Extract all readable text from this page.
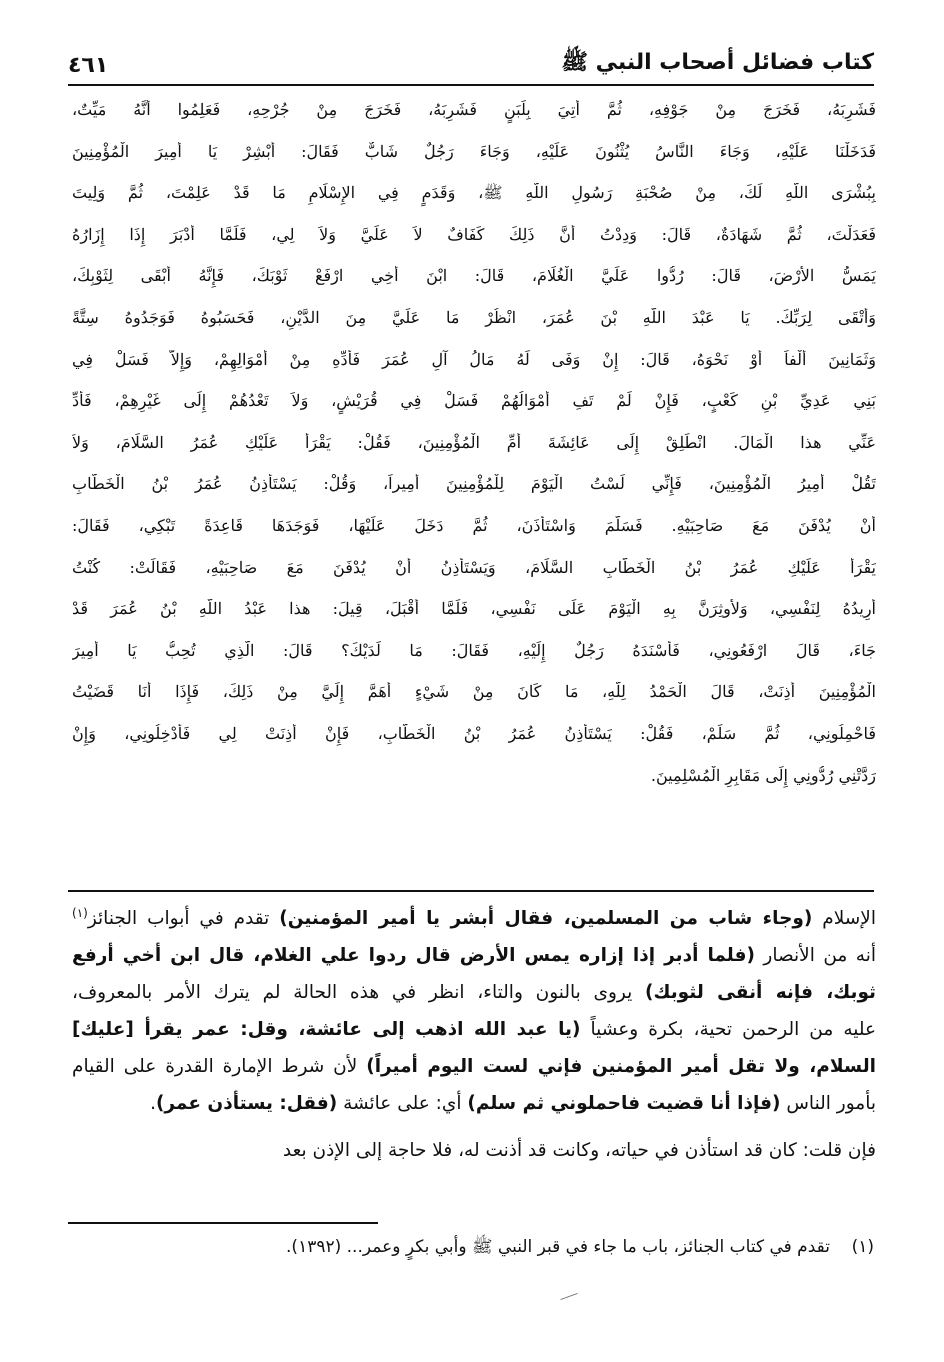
كتاب فضائل أصحاب النبي ﷺ
٤٦١
فَشَرِبَهُ، فَخَرَجَ مِنْ جَوْفِهِ، ثُمَّ أُتِيَ بِلَبَنٍ فَشَرِبَهُ، فَخَرَجَ مِنْ جُرْحِهِ، فَعَلِمُوا أَنَّهُ مَيِّتٌ،
فَدَخَلْنَا عَلَيْهِ، وَجَاءَ النَّاسُ يُثْنُونَ عَلَيْهِ، وَجَاءَ رَجُلٌ شَابٌّ فَقَالَ: أَبْشِرْ يَا أَمِيرَ الْمُؤْمِنِينَ
بِبُشْرَى اللَّهِ لَكَ، مِنْ صُحْبَةِ رَسُولِ اللَّهِ ﷺ، وَقَدَمٍ فِي الإِسْلَامِ مَا قَدْ عَلِمْتَ، ثُمَّ وَلِيتَ
فَعَدَلْتَ، ثُمَّ شَهَادَةٌ، قَالَ: وَدِدْتُ أَنَّ ذَلِكَ كَفَافٌ لاَ عَلَيَّ وَلاَ لِي، فَلَمَّا أَدْبَرَ إِذَا إِزَارُهُ
يَمَسُّ الأَرْضَ، قَالَ: رُدُّوا عَلَيَّ الْغُلَامَ، قَالَ: ابْنَ أَخِي ارْفَعْ ثَوْبَكَ، فَإِنَّهُ أَبْقَى لِثَوْبِكَ،
وَأَتْقَى لِرَبِّكَ. يَا عَبْدَ اللَّهِ بْنَ عُمَرَ، انْظُرْ مَا عَلَيَّ مِنَ الدَّيْنِ، فَحَسَبُوهُ فَوَجَدُوهُ سِتَّةً
وَثَمَانِينَ أَلْفاً أَوْ نَحْوَهُ، قَالَ: إِنْ وَفَى لَهُ مَالُ آلِ عُمَرَ فَأَدِّهِ مِنْ أَمْوَالِهِمْ، وَإِلاَّ فَسَلْ فِي
بَنِي عَدِيِّ بْنِ كَعْبٍ، فَإِنْ لَمْ تَفِ أَمْوَالُهُمْ فَسَلْ فِي قُرَيْشٍ، وَلاَ تَعْدُهُمْ إِلَى غَيْرِهِمْ، فَأَدِّ
عَنِّي هذا الْمَالَ. انْطَلِقْ إِلَى عَائِشَةَ أُمِّ الْمُؤْمِنِينَ، فَقُلْ: يَقْرَأُ عَلَيْكِ عُمَرُ السَّلَامَ، وَلاَ
تَقُلْ أَمِيرُ الْمُؤْمِنِينَ، فَإِنِّي لَسْتُ الْيَوْمَ لِلْمُؤْمِنِينَ أَمِيراً، وَقُلْ: يَسْتَأْذِنُ عُمَرُ بْنُ الْخَطَّابِ
أَنْ يُدْفَنَ مَعَ صَاحِبَيْهِ. فَسَلَّمَ وَاسْتَأْذَنَ، ثُمَّ دَخَلَ عَلَيْهَا، فَوَجَدَهَا قَاعِدَةً تَبْكِي، فَقَالَ:
يَقْرَأُ عَلَيْكِ عُمَرُ بْنُ الْخَطَّابِ السَّلَامَ، وَيَسْتَأْذِنُ أَنْ يُدْفَنَ مَعَ صَاحِبَيْهِ، فَقَالَتْ: كُنْتُ
أُرِيدُهُ لِنَفْسِي، وَلأُوثِرَنَّ بِهِ الْيَوْمَ عَلَى نَفْسِي، فَلَمَّا أَقْبَلَ، قِيلَ: هذا عَبْدُ اللَّهِ بْنُ عُمَرَ قَدْ
جَاءَ، قَالَ ارْفَعُونِي، فَأَسْنَدَهُ رَجُلٌ إِلَيْهِ، فَقَالَ: مَا لَدَيْكَ؟ قَالَ: الَّذِي تُحِبُّ يَا أَمِيرَ
الْمُؤْمِنِينَ أَذِنَتْ، قَالَ الْحَمْدُ لِلَّهِ، مَا كَانَ مِنْ شَيْءٍ أَهَمَّ إِلَيَّ مِنْ ذَلِكَ، فَإِذَا أَنَا قَضَيْتُ
فَاحْمِلُونِي، ثُمَّ سَلِّمْ، فَقُلْ: يَسْتَأْذِنُ عُمَرُ بْنُ الْخَطَّابِ، فَإِنْ أَذِنَتْ لِي فَأَدْخِلُونِي، وَإِنْ
رَدَّتْنِي رُدُّونِي إِلَى مَقَابِرِ الْمُسْلِمِينَ.
الإسلام (وجاء شاب من المسلمين، فقال أبشر يا أمير المؤمنين) تقدم في أبواب الجنائز$^{(١)}$
أنه من الأنصار (فلما أدبر إذا إزاره يمس الأرض قال ردوا علي الغلام، قال ابن أخي أرفع
ثوبك، فإنه أنقى لثوبك) يروى بالنون والتاء، انظر في هذه الحالة لم يترك الأمر بالمعروف،
عليه من الرحمن تحية، بكرة وعشياً (يا عبد الله اذهب إلى عائشة، وقل: عمر يقرأ [عليك]
السلام، ولا تقل أمير المؤمنين فإني لست اليوم أميراً) لأن شرط الإمارة القدرة على القيام
بأمور الناس (فإذا أنا قضيت فاحملوني ثم سلم) أي: على عائشة (فقل: يستأذن عمر).
فإن قلت: كان قد استأذن في حياته، وكانت قد أذنت له، فلا حاجة إلى الإذن بعد
(١)    تقدم في كتاب الجنائز، باب ما جاء في قبر النبي ﷺ وأبي بكرٍ وعمر... (١٣٩٢).
